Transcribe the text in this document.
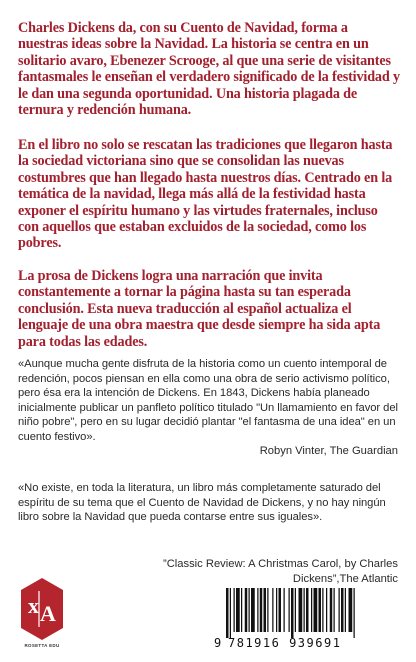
Charles Dickens da, con su Cuento de Navidad, forma a nuestras ideas sobre la Navidad. La historia se centra en un solitario avaro, Ebenezer Scrooge, al que una serie de visitantes fantasmales le enseñan el verdadero significado de la festividad y le dan una segunda oportunidad. Una historia plagada de ternura y redención humana.

En el libro no solo se rescatan las tradiciones que llegaron hasta la sociedad victoriana sino que se consolidan las nuevas costumbres que han llegado hasta nuestros días. Centrado en la temática de la navidad, llega más allá de la festividad hasta exponer el espíritu humano y las virtudes fraternales, incluso con aquellos que estaban excluidos de la sociedad, como los pobres.

La prosa de Dickens logra una narración que invita constantemente a tornar la página hasta su tan esperada conclusión. Esta nueva traducción al español actualiza el lenguaje de una obra maestra que desde siempre ha sida apta para todas las edades.

«Aunque mucha gente disfruta de la historia como un cuento intemporal de redención, pocos piensan en ella como una obra de serio activismo político, pero ésa era la intención de Dickens. En 1843, Dickens había planeado inicialmente publicar un panfleto político titulado "Un llamamiento en favor del niño pobre", pero en su lugar decidió plantar "el fantasma de una idea" en un cuento festivo».

Robyn Vinter, The Guardian

«No existe, en toda la literatura, un libro más completamente saturado del espíritu de su tema que el Cuento de Navidad de Dickens, y no hay ningún libro sobre la Navidad que pueda contarse entre sus iguales».

”Classic Review: A Christmas Carol, by Charles Dickens”,The Atlantic

x A
ROSETTA EDU	9 781916 939691
